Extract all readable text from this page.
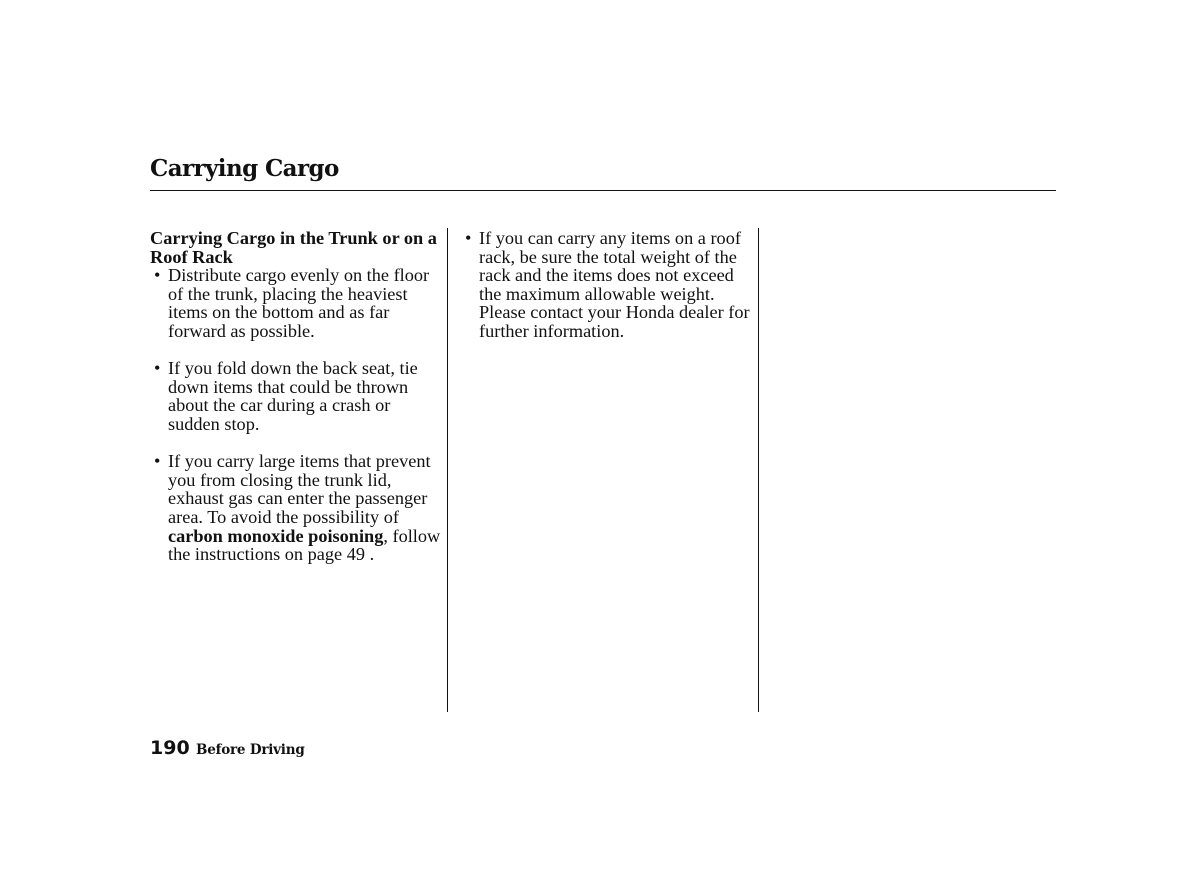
Carrying Cargo

Carrying Cargo in the Trunk or on a Roof Rack

• Distribute cargo evenly on the floor of the trunk, placing the heaviest items on the bottom and as far forward as possible.
• If you fold down the back seat, tie down items that could be thrown about the car during a crash or sudden stop.
• If you carry large items that prevent you from closing the trunk lid, exhaust gas can enter the passenger area. To avoid the possibility of carbon monoxide poisoning, follow the instructions on page 49 .
• If you can carry any items on a roof rack, be sure the total weight of the rack and the items does not exceed the maximum allowable weight. Please contact your Honda dealer for further information.
190 Before Driving
